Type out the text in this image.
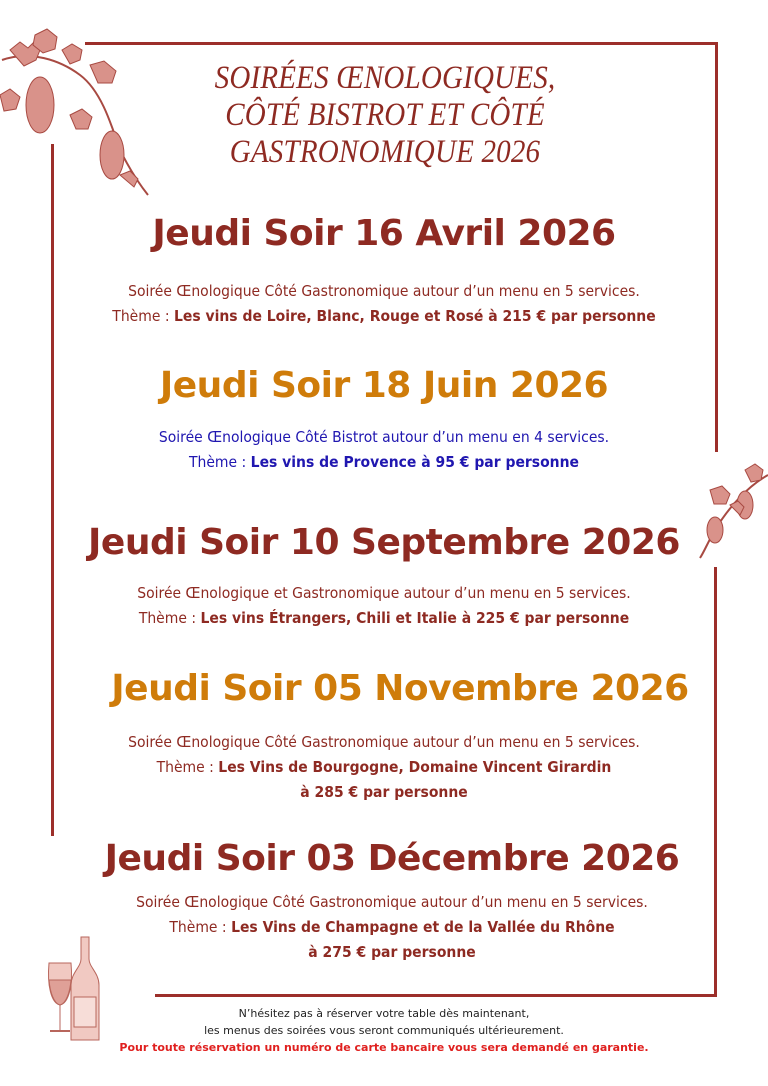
SOIRÉES ŒNOLOGIQUES,
CÔTÉ BISTROT ET CÔTÉ
GASTRONOMIQUE 2026
Jeudi Soir 16 Avril 2026
Soirée Œnologique Côté Gastronomique autour d’un menu en 5 services.
Thème : Les vins de Loire, Blanc, Rouge et Rosé à 215 € par personne
Jeudi Soir 18 Juin 2026
Soirée Œnologique Côté Bistrot autour d’un menu en 4 services.
Thème : Les vins de Provence à 95 € par personne
Jeudi Soir 10 Septembre 2026
Soirée Œnologique et Gastronomique autour d’un menu en 5 services.
Thème : Les vins Étrangers, Chili et Italie à 225 € par personne
Jeudi Soir 05 Novembre 2026
Soirée Œnologique Côté Gastronomique autour d’un menu en 5 services.
Thème : Les Vins de Bourgogne, Domaine Vincent Girardin
à 285 € par personne
Jeudi Soir 03 Décembre 2026
Soirée Œnologique Côté Gastronomique autour d’un menu en 5 services.
Thème : Les Vins de Champagne et de la Vallée du Rhône
à 275 € par personne
N’hésitez pas à réserver votre table dès maintenant,
les menus des soirées vous seront communiqués ultérieurement.
Pour toute réservation un numéro de carte bancaire vous sera demandé en garantie.
